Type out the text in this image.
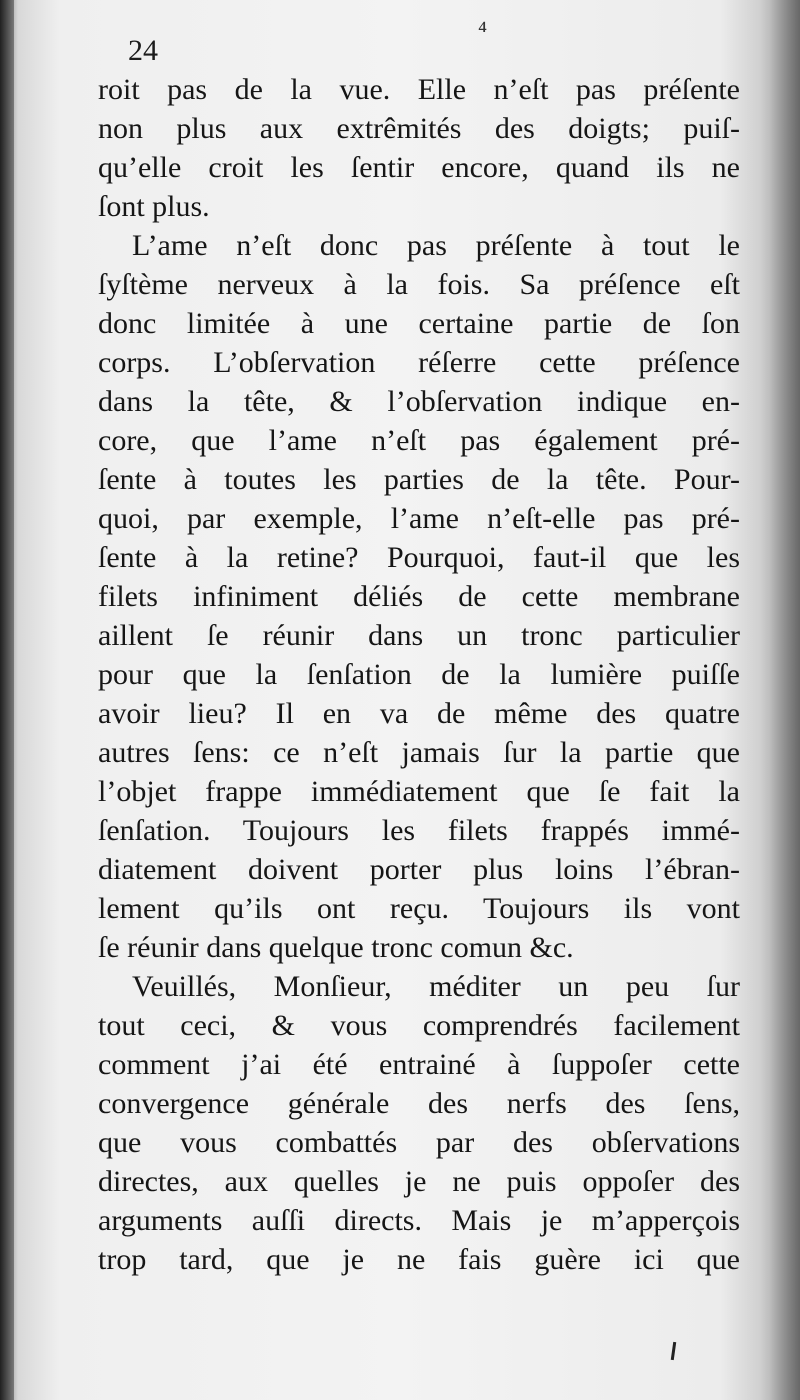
⁴
24
roit pas de la vue. Elle n’eſt pas préſente
non plus aux extrêmités des doigts; puiſ-
qu’elle croit les ſentir encore, quand ils ne
ſont plus.
L’ame n’eſt donc pas préſente à tout le
ſyſtème nerveux à la fois. Sa préſence eſt
donc limitée à une certaine partie de ſon
corps. L’obſervation réſerre cette préſence
dans la tête, & l’obſervation indique en-
core, que l’ame n’eſt pas également pré-
ſente à toutes les parties de la tête. Pour-
quoi, par exemple, l’ame n’eſt-elle pas pré-
ſente à la retine? Pourquoi, faut-il que les
filets infiniment déliés de cette membrane
aillent ſe réunir dans un tronc particulier
pour que la ſenſation de la lumière puiſſe
avoir lieu? Il en va de même des quatre
autres ſens: ce n’eſt jamais ſur la partie que
l’objet frappe immédiatement que ſe fait la
ſenſation. Toujours les filets frappés immé-
diatement doivent porter plus loins l’ébran-
lement qu’ils ont reçu. Toujours ils vont
ſe réunir dans quelque tronc comun &c.
Veuillés, Monſieur, méditer un peu ſur
tout ceci, & vous comprendrés facilement
comment j’ai été entrainé à ſuppoſer cette
convergence générale des nerfs des ſens,
que vous combattés par des obſervations
directes, aux quelles je ne puis oppoſer des
arguments auſſi directs. Mais je m’apperçois
trop tard, que je ne fais guère ici que
